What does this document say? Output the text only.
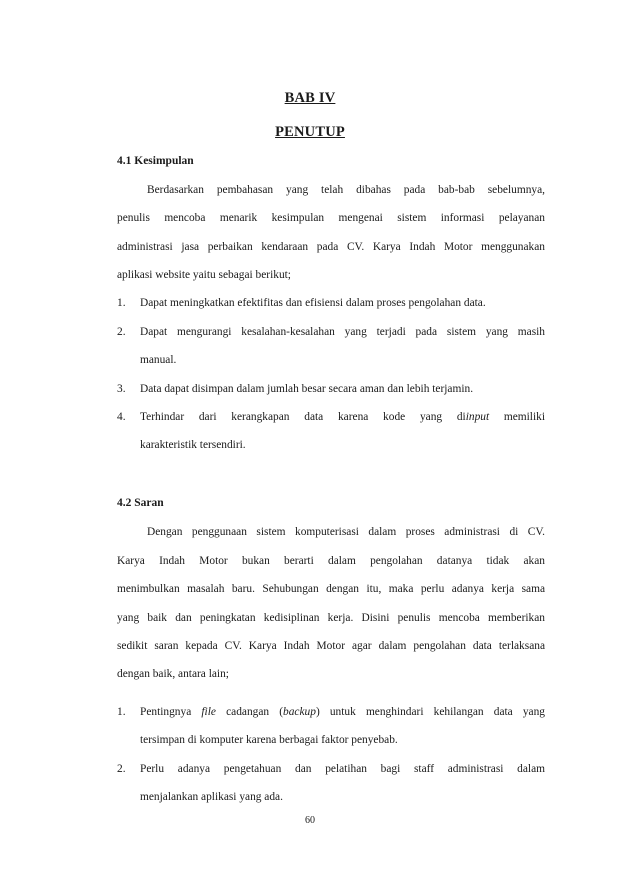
BAB IV
PENUTUP
4.1 Kesimpulan
Berdasarkan pembahasan yang telah dibahas pada bab-bab sebelumnya,
penulis mencoba menarik kesimpulan mengenai sistem informasi pelayanan
administrasi jasa perbaikan kendaraan pada CV. Karya Indah Motor menggunakan
aplikasi website yaitu sebagai berikut;
1. Dapat meningkatkan efektifitas dan efisiensi dalam proses pengolahan data.
2. Dapat mengurangi kesalahan-kesalahan yang terjadi pada sistem yang masih
manual.
3. Data dapat disimpan dalam jumlah besar secara aman dan lebih terjamin.
4. Terhindar dari kerangkapan data karena kode yang diinput memiliki
karakteristik tersendiri.
4.2 Saran
Dengan penggunaan sistem komputerisasi dalam proses administrasi di CV.
Karya Indah Motor bukan berarti dalam pengolahan datanya tidak akan
menimbulkan masalah baru. Sehubungan dengan itu, maka perlu adanya kerja sama
yang baik dan peningkatan kedisiplinan kerja. Disini penulis mencoba memberikan
sedikit saran kepada CV. Karya Indah Motor agar dalam pengolahan data terlaksana
dengan baik, antara lain;
1. Pentingnya file cadangan (backup) untuk menghindari kehilangan data yang
tersimpan di komputer karena berbagai faktor penyebab.
2. Perlu adanya pengetahuan dan pelatihan bagi staff administrasi dalam
menjalankan aplikasi yang ada.
60
